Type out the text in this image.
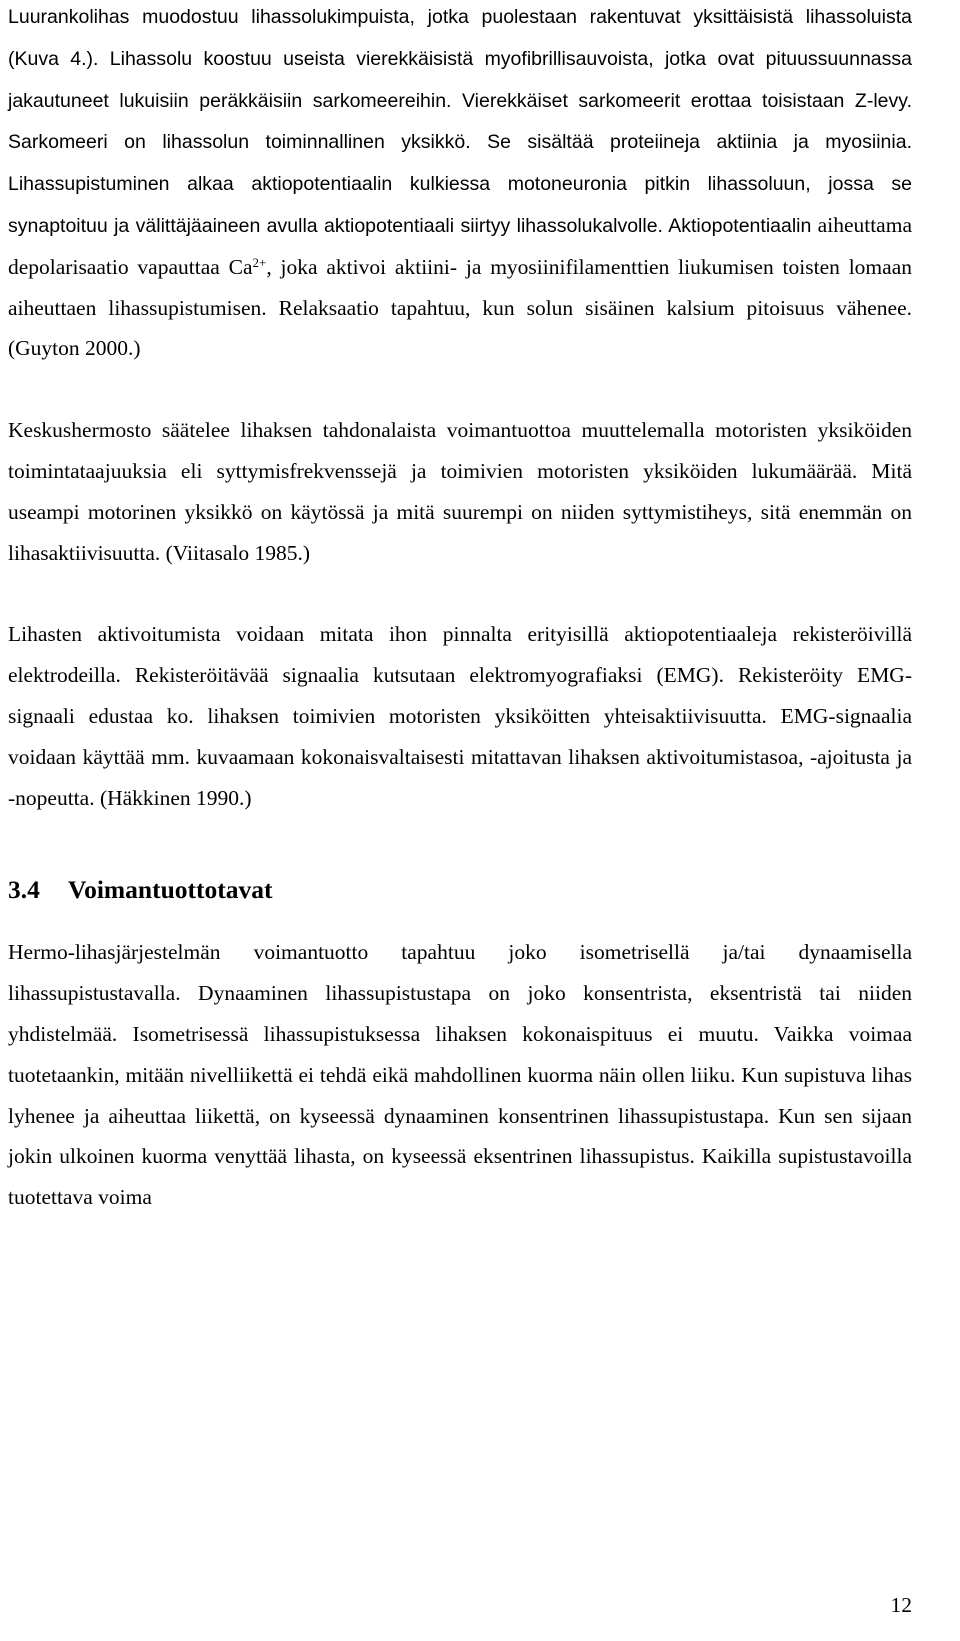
Luurankolihas muodostuu lihassolukimpuista, jotka puolestaan rakentuvat yksittäisistä lihassoluista (Kuva 4.). Lihassolu koostuu useista vierekkäisistä myofibrillisauvoista, jotka ovat pituussuunnassa jakautuneet lukuisiin peräkkäisiin sarkomeereihin. Vierekkäiset sarkomeerit erottaa toisistaan Z-levy. Sarkomeeri on lihassolun toiminnallinen yksikkö. Se sisältää proteiineja aktiinia ja myosiinia. Lihassupistuminen alkaa aktiopotentiaalin kulkiessa motoneuronia pitkin lihassoluun, jossa se synaptoituu ja välittäjäaineen avulla aktiopotentiaali siirtyy lihassolukalvolle. Aktiopotentiaalin aiheuttama depolarisaatio vapauttaa $Ca^{2+}$, joka aktivoi aktiini- ja myosiinifilamenttien liukumisen toisten lomaan aiheuttaen lihassupistumisen. Relaksaatio tapahtuu, kun solun sisäinen kalsium pitoisuus vähenee. (Guyton 2000.)

Keskushermosto säätelee lihaksen tahdonalaista voimantuottoa muuttelemalla motoristen yksiköiden toimintataajuuksia eli syttymisfrekvenssejä ja toimivien motoristen yksiköiden lukumäärää. Mitä useampi motorinen yksikkö on käytössä ja mitä suurempi on niiden syttymistiheys, sitä enemmän on lihasaktiivisuutta. (Viitasalo 1985.)

Lihasten aktivoitumista voidaan mitata ihon pinnalta erityisillä aktiopotentiaaleja rekisteröivillä elektrodeilla. Rekisteröitävää signaalia kutsutaan elektromyografiaksi (EMG). Rekisteröity EMG-signaali edustaa ko. lihaksen toimivien motoristen yksiköitten yhteisaktiivisuutta. EMG-signaalia voidaan käyttää mm. kuvaamaan kokonaisvaltaisesti mitattavan lihaksen aktivoitumistasoa, -ajoitusta ja -nopeutta. (Häkkinen 1990.)

3.4 Voimantuottotavat

Hermo-lihasjärjestelmän voimantuotto tapahtuu joko isometrisellä ja/tai dynaamisella lihassupistustavalla. Dynaaminen lihassupistustapa on joko konsentrista, eksentristä tai niiden yhdistelmää. Isometrisessä lihassupistuksessa lihaksen kokonaispituus ei muutu. Vaikka voimaa tuotetaankin, mitään nivelliikettä ei tehdä eikä mahdollinen kuorma näin ollen liiku. Kun supistuva lihas lyhenee ja aiheuttaa liikettä, on kyseessä dynaaminen konsentrinen lihassupistustapa. Kun sen sijaan jokin ulkoinen kuorma venyttää lihasta, on kyseessä eksentrinen lihassupistus. Kaikilla supistustavoilla tuotettava voima

12
